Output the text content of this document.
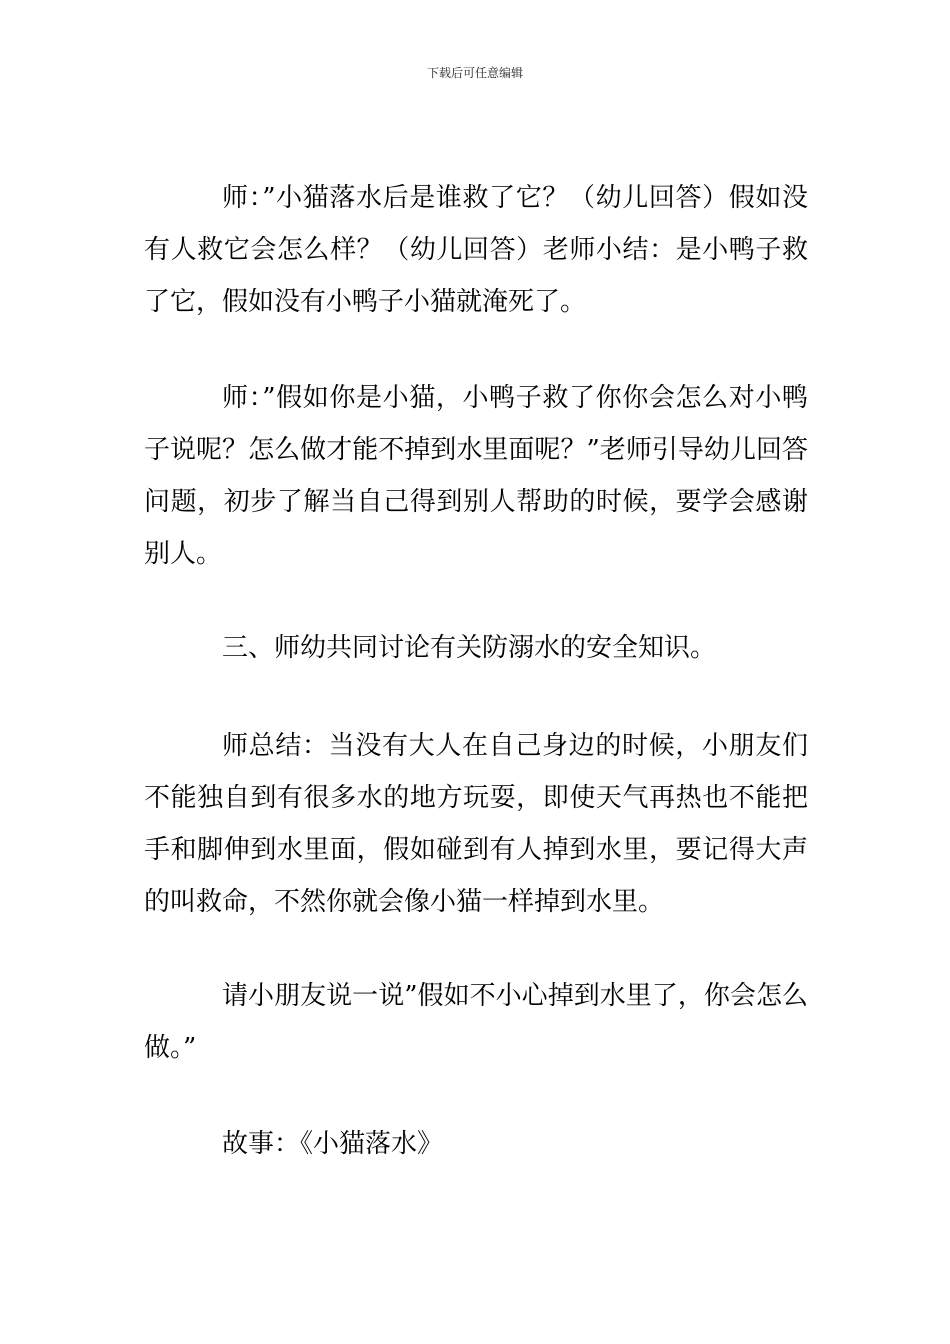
下载后可任意编辑

师：”小猫落水后是谁救了它？（幼儿回答）假如没有人救它会怎么样？（幼儿回答）老师小结：是小鸭子救了它，假如没有小鸭子小猫就淹死了。

师：”假如你是小猫，小鸭子救了你你会怎么对小鸭子说呢？怎么做才能不掉到水里面呢？”老师引导幼儿回答问题，初步了解当自己得到别人帮助的时候，要学会感谢别人。

三、师幼共同讨论有关防溺水的安全知识。

师总结：当没有大人在自己身边的时候，小朋友们不能独自到有很多水的地方玩耍，即使天气再热也不能把手和脚伸到水里面，假如碰到有人掉到水里，要记得大声的叫救命，不然你就会像小猫一样掉到水里。

请小朋友说一说”假如不小心掉到水里了，你会怎么做。”

故事：《小猫落水》
